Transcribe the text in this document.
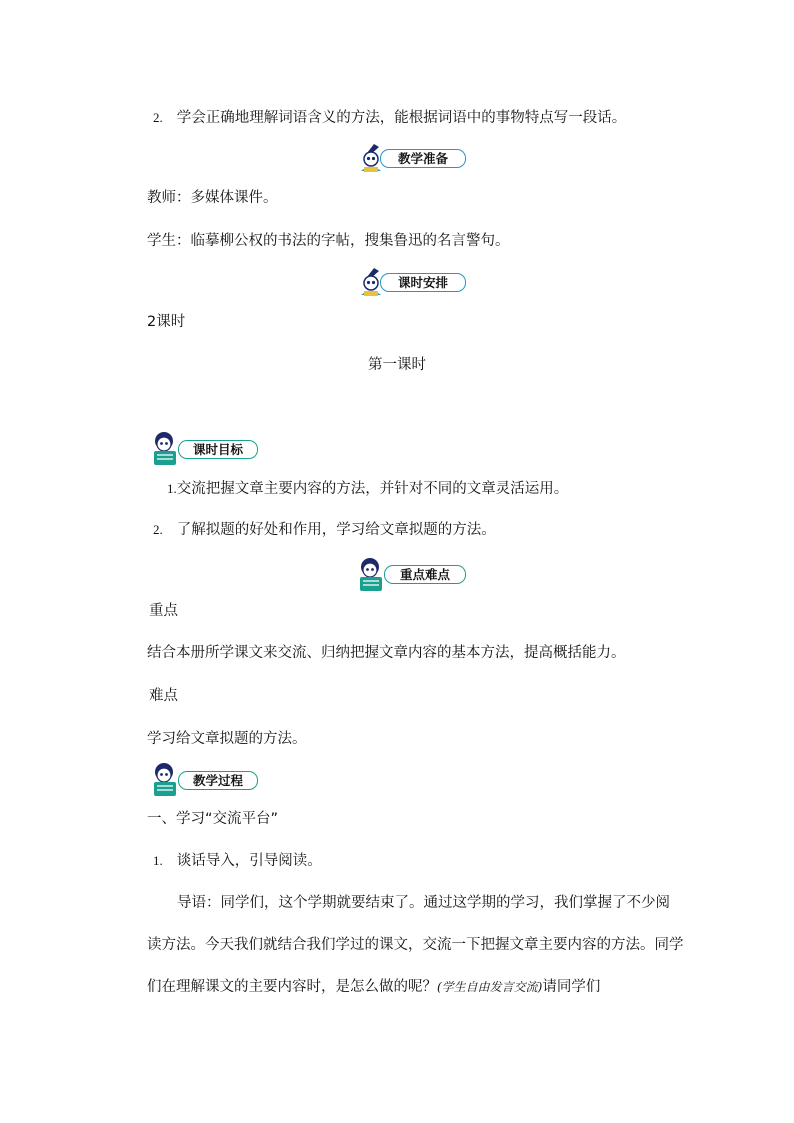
2. 学会正确地理解词语含义的方法，能根据词语中的事物特点写一段话。
教学准备
教师：多媒体课件。
学生：临摹柳公权的书法的字帖，搜集鲁迅的名言警句。
课时安排
2课时
第一课时
课时目标
1.交流把握文章主要内容的方法，并针对不同的文章灵活运用。
2. 了解拟题的好处和作用，学习给文章拟题的方法。
重点难点
重点
结合本册所学课文来交流、归纳把握文章内容的基本方法，提高概括能力。
难点
学习给文章拟题的方法。
教学过程
一、学习“交流平台”
1. 谈话导入，引导阅读。
导语：同学们，这个学期就要结束了。通过这学期的学习，我们掌握了不少阅
读方法。今天我们就结合我们学过的课文，交流一下把握文章主要内容的方法。同学
们在理解课文的主要内容时，是怎么做的呢？(学生自由发言交流)请同学们
